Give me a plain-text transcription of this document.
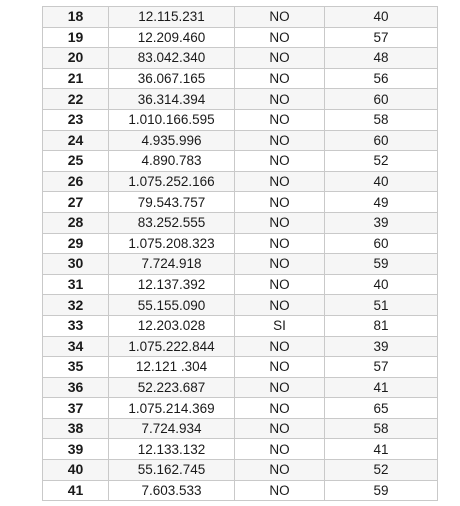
18	12.115.231	NO	40
19	12.209.460	NO	57
20	83.042.340	NO	48
21	36.067.165	NO	56
22	36.314.394	NO	60
23	1.010.166.595	NO	58
24	4.935.996	NO	60
25	4.890.783	NO	52
26	1.075.252.166	NO	40
27	79.543.757	NO	49
28	83.252.555	NO	39
29	1.075.208.323	NO	60
30	7.724.918	NO	59
31	12.137.392	NO	40
32	55.155.090	NO	51
33	12.203.028	SI	81
34	1.075.222.844	NO	39
35	12.121 .304	NO	57
36	52.223.687	NO	41
37	1.075.214.369	NO	65
38	7.724.934	NO	58
39	12.133.132	NO	41
40	55.162.745	NO	52
41	7.603.533	NO	59
